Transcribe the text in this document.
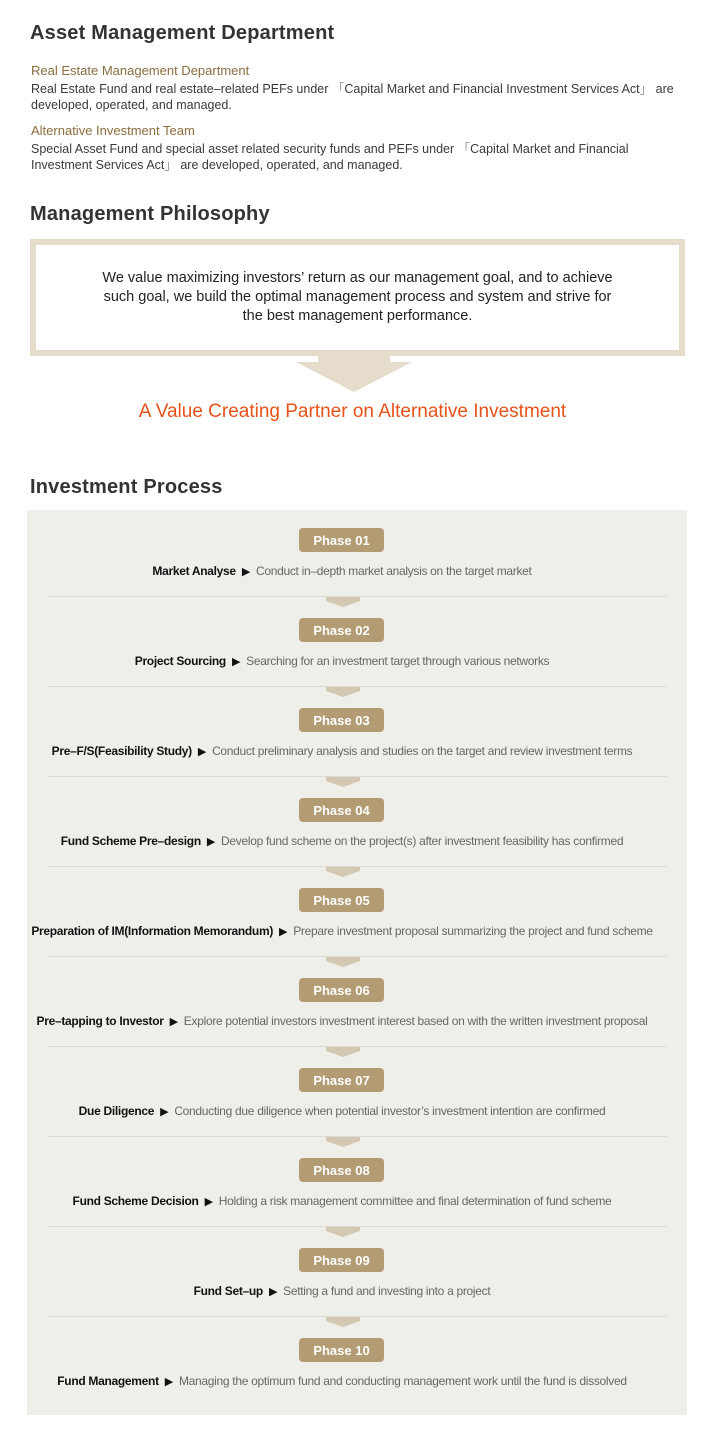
Asset Management Department
Real Estate Management Department
Real Estate Fund and real estate–related PEFs under 「Capital Market and Financial Investment Services Act」 are developed, operated, and managed.
Alternative Investment Team
Special Asset Fund and special asset related security funds and PEFs under 「Capital Market and Financial Investment Services Act」 are developed, operated, and managed.
Management Philosophy
We value maximizing investors’ return as our management goal, and to achieve such goal, we build the optimal management process and system and strive for the best management performance.
A Value Creating Partner on Alternative Investment
Investment Process
Phase 01
Market Analyse ▶ Conduct in–depth market analysis on the target market
Phase 02
Project Sourcing ▶ Searching for an investment target through various networks
Phase 03
Pre–F/S(Feasibility Study) ▶ Conduct preliminary analysis and studies on the target and review investment terms
Phase 04
Fund Scheme Pre–design ▶ Develop fund scheme on the project(s) after investment feasibility has confirmed
Phase 05
Preparation of IM(Information Memorandum) ▶ Prepare investment proposal summarizing the project and fund scheme
Phase 06
Pre–tapping to Investor ▶ Explore potential investors investment interest based on with the written investment proposal
Phase 07
Due Diligence ▶ Conducting due diligence when potential investor’s investment intention are confirmed
Phase 08
Fund Scheme Decision ▶ Holding a risk management committee and final determination of fund scheme
Phase 09
Fund Set–up ▶ Setting a fund and investing into a project
Phase 10
Fund Management ▶ Managing the optimum fund and conducting management work until the fund is dissolved
